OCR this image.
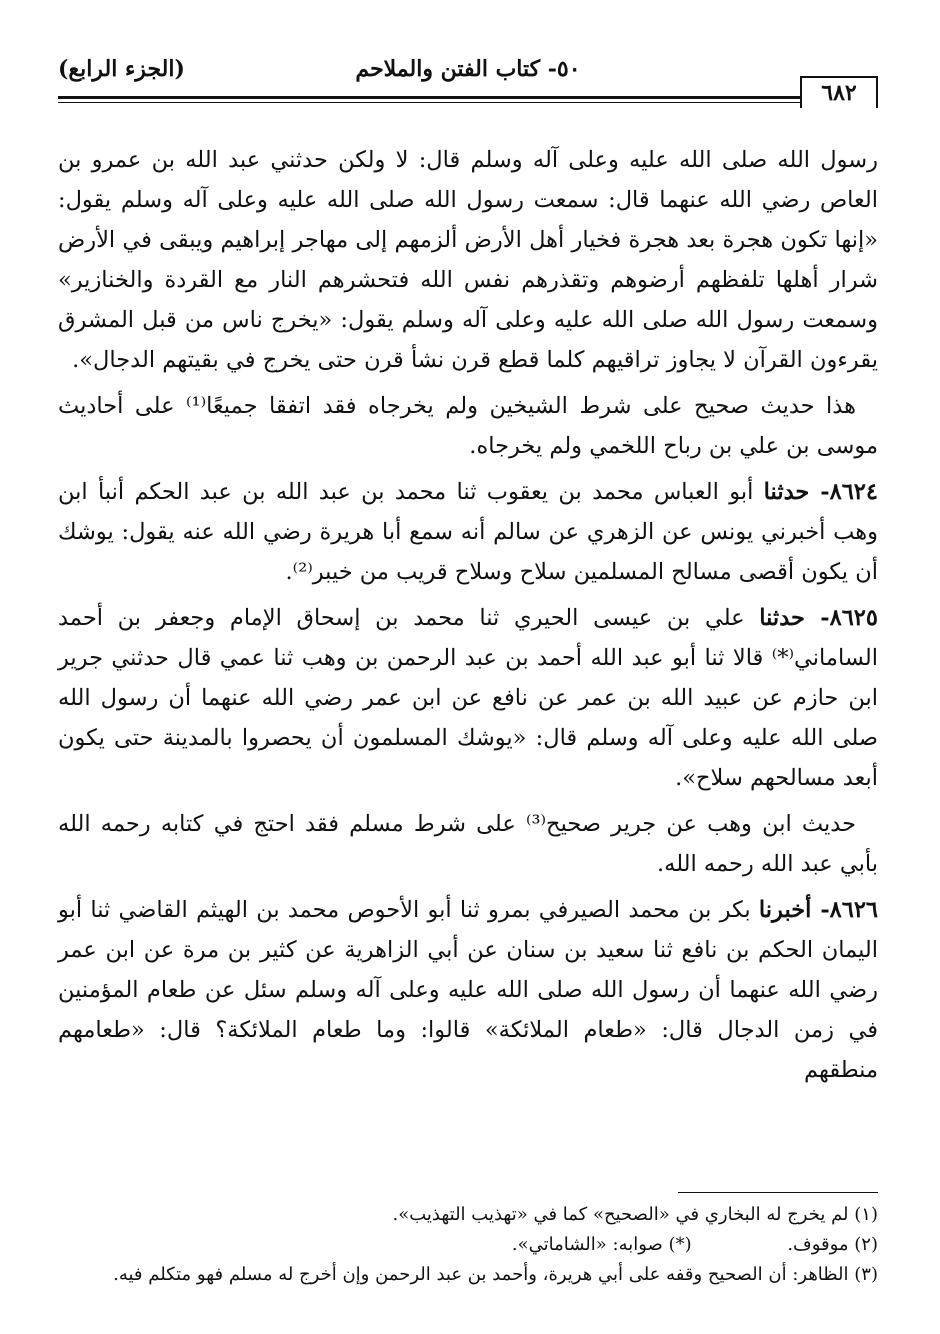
٦٨٢
٥٠- كتاب الفتن والملاحم
(الجزء الرابع)

رسول الله صلى الله عليه وعلى آله وسلم قال: لا ولكن حدثني عبد الله بن عمرو بن العاص رضي الله عنهما قال: سمعت رسول الله صلى الله عليه وعلى آله وسلم يقول: «إنها تكون هجرة بعد هجرة فخيار أهل الأرض ألزمهم إلى مهاجر إبراهيم ويبقى في الأرض شرار أهلها تلفظهم أرضوهم وتقذرهم نفس الله فتحشرهم النار مع القردة والخنازير» وسمعت رسول الله صلى الله عليه وعلى آله وسلم يقول: «يخرج ناس من قبل المشرق يقرءون القرآن لا يجاوز تراقيهم كلما قطع قرن نشأ قرن حتى يخرج في بقيتهم الدجال».

هذا حديث صحيح على شرط الشيخين ولم يخرجاه فقد اتفقا جميعًا⁽¹⁾ على أحاديث موسى بن علي بن رباح اللخمي ولم يخرجاه.

٨٦٢٤- حدثنا أبو العباس محمد بن يعقوب ثنا محمد بن عبد الله بن عبد الحكم أنبأ ابن وهب أخبرني يونس عن الزهري عن سالم أنه سمع أبا هريرة رضي الله عنه يقول: يوشك أن يكون أقصى مسالح المسلمين سلاح وسلاح قريب من خيبر⁽²⁾.

٨٦٢٥- حدثنا علي بن عيسى الحيري ثنا محمد بن إسحاق الإمام وجعفر بن أحمد الساماني⁽*⁾ قالا ثنا أبو عبد الله أحمد بن عبد الرحمن بن وهب ثنا عمي قال حدثني جرير ابن حازم عن عبيد الله بن عمر عن نافع عن ابن عمر رضي الله عنهما أن رسول الله صلى الله عليه وعلى آله وسلم قال: «يوشك المسلمون أن يحصروا بالمدينة حتى يكون أبعد مسالحهم سلاح».

حديث ابن وهب عن جرير صحيح⁽³⁾ على شرط مسلم فقد احتج في كتابه رحمه الله بأبي عبد الله رحمه الله.

٨٦٢٦- أخبرنا بكر بن محمد الصيرفي بمرو ثنا أبو الأحوص محمد بن الهيثم القاضي ثنا أبو اليمان الحكم بن نافع ثنا سعيد بن سنان عن أبي الزاهرية عن كثير بن مرة عن ابن عمر رضي الله عنهما أن رسول الله صلى الله عليه وعلى آله وسلم سئل عن طعام المؤمنين في زمن الدجال قال: «طعام الملائكة» قالوا: وما طعام الملائكة؟ قال: «طعامهم منطقهم

(١) لم يخرج له البخاري في «الصحيح» كما في «تهذيب التهذيب».
(٢) موقوف. (*) صوابه: «الشاماتي».
(٣) الظاهر: أن الصحيح وقفه على أبي هريرة، وأحمد بن عبد الرحمن وإن أخرج له مسلم فهو متكلم فيه.
